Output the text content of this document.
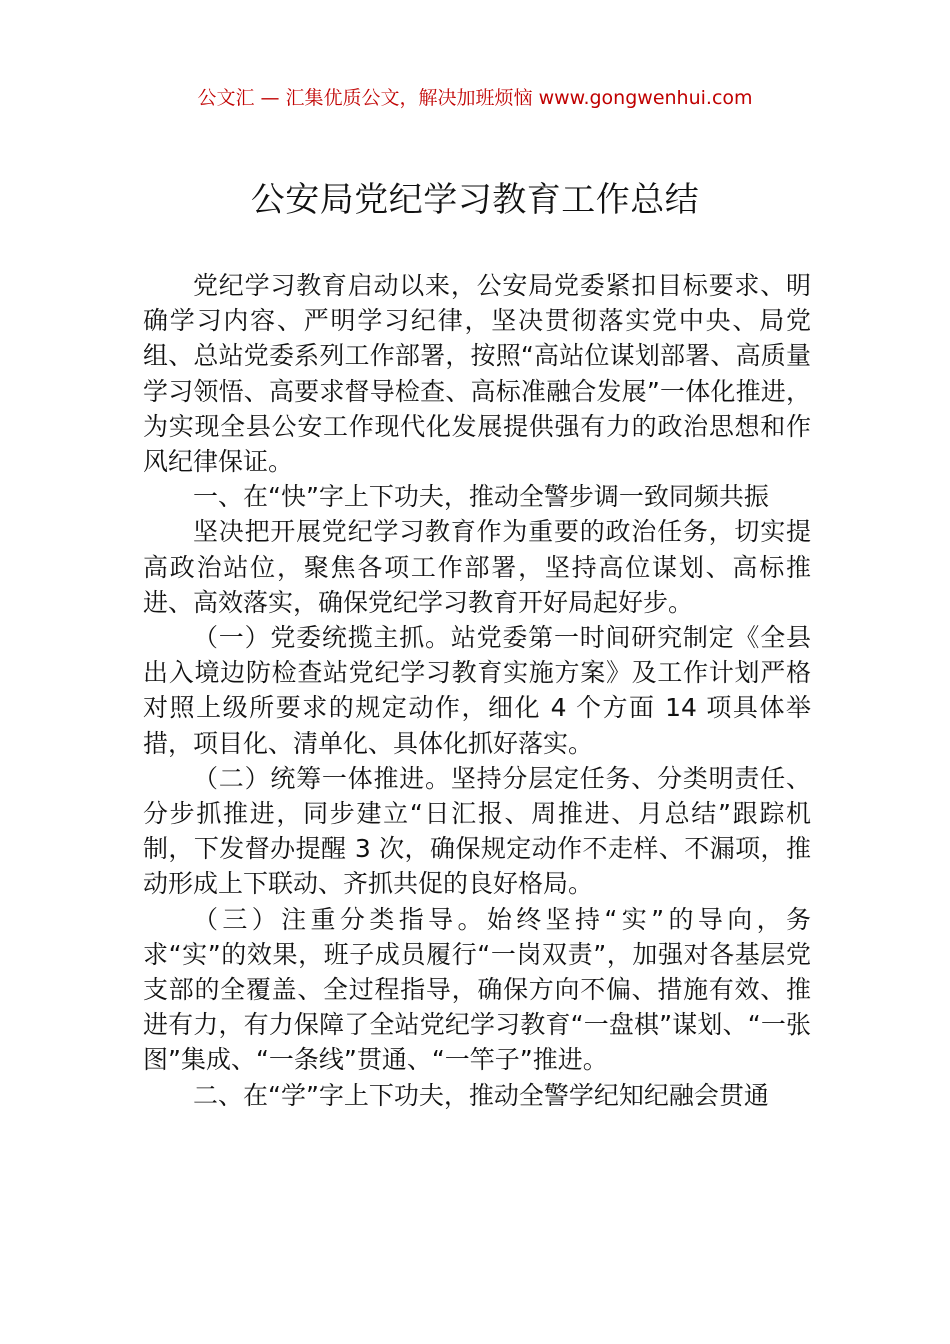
公文汇 — 汇集优质公文，解决加班烦恼 www.gongwenhui.com
公安局党纪学习教育工作总结

党纪学习教育启动以来，公安局党委紧扣目标要求、明确学习内容、严明学习纪律，坚决贯彻落实党中央、局党组、总站党委系列工作部署，按照“高站位谋划部署、高质量学习领悟、高要求督导检查、高标准融合发展”一体化推进，为实现全县公安工作现代化发展提供强有力的政治思想和作风纪律保证。

一、在“快”字上下功夫，推动全警步调一致同频共振

坚决把开展党纪学习教育作为重要的政治任务，切实提高政治站位，聚焦各项工作部署，坚持高位谋划、高标推进、高效落实，确保党纪学习教育开好局起好步。

（一）党委统揽主抓。站党委第一时间研究制定《全县出入境边防检查站党纪学习教育实施方案》及工作计划严格对照上级所要求的规定动作，细化 4 个方面 14 项具体举措，项目化、清单化、具体化抓好落实。

（二）统筹一体推进。坚持分层定任务、分类明责任、分步抓推进，同步建立“日汇报、周推进、月总结”跟踪机制，下发督办提醒 3 次，确保规定动作不走样、不漏项，推动形成上下联动、齐抓共促的良好格局。

（三）注重分类指导。始终坚持“实”的导向，务求“实”的效果，班子成员履行“一岗双责”，加强对各基层党支部的全覆盖、全过程指导，确保方向不偏、措施有效、推进有力，有力保障了全站党纪学习教育“一盘棋”谋划、“一张图”集成、“一条线”贯通、“一竿子”推进。

二、在“学”字上下功夫，推动全警学纪知纪融会贯通
